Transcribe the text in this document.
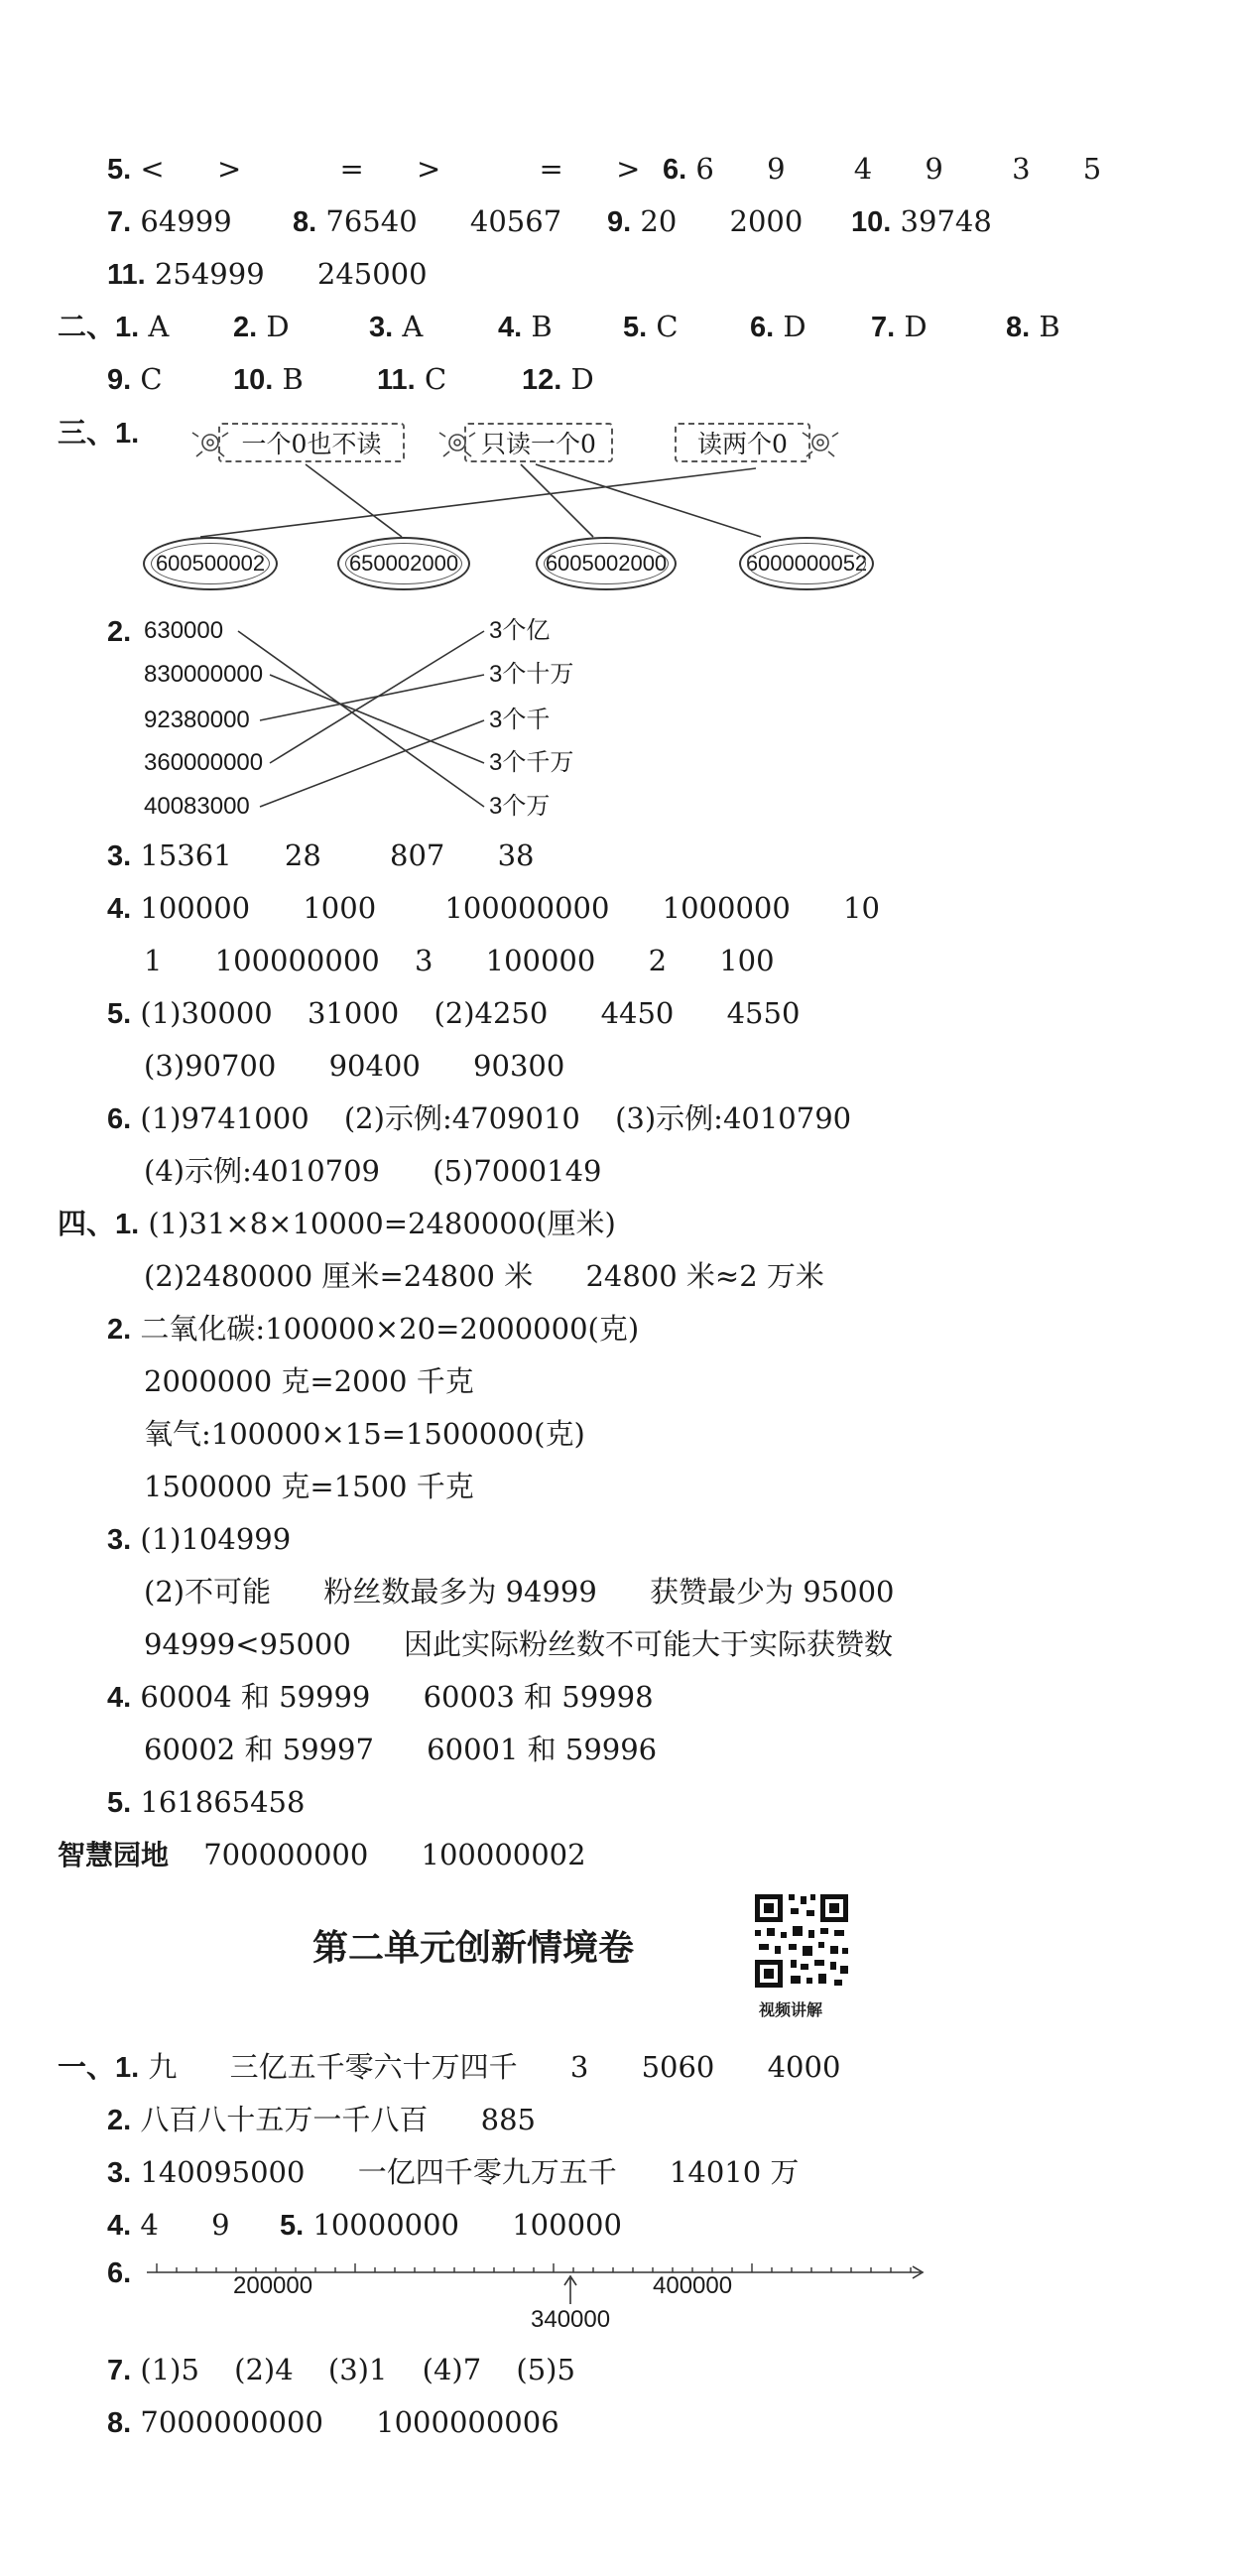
5. < >	= >	= > 6. 6 9 4 9 3 5
7. 64999 8. 76540 40567 9. 20 2000 10. 39748
11. 254999 245000
二、1. A 2. D	3. A	4. B 5. C 6. D 7. D	8. B
9. C 10. B	11. C	12. D
三、1.	一个0也不读	只读一个0	读两个0
600500002	650002000	6005002000	6000000052
2. 630000
830000000
92380000
360000000
40083000
3个亿
3个十万
3个千
3个千万
3个万
3. 15361 28 807 38
4. 100000 1000 100000000 1000000 10
1 100000000 3 100000 2 100
5. (1)30000 31000 (2)4250 4450 4550
(3)90700 90400 90300
6. (1)9741000 (2)示例:4709010 (3)示例:4010790
(4)示例:4010709 (5)7000149
四、1. (1)31×8×10000=2480000(厘米)
(2)2480000 厘米=24800 米 24800 米≈2 万米
2. 二氧化碳:100000×20=2000000(克)
2000000 克=2000 千克
氧气:100000×15=1500000(克)
1500000 克=1500 千克
3. (1)104999
(2)不可能 粉丝数最多为 94999 获赞最少为 95000
94999<95000 因此实际粉丝数不可能大于实际获赞数
4. 60004 和 59999 60003 和 59998
60002 和 59997 60001 和 59996
5. 161865458
智慧园地 700000000 100000002
第二单元创新情境卷
视频讲解
一、1. 九 三亿五千零六十万四千 3 5060 4000
2. 八百八十五万一千八百 885
3. 140095000 一亿四千零九万五千 14010 万
4. 4 9 5. 10000000 100000
6.	200000
340000
400000
7. (1)5 (2)4 (3)1 (4)7 (5)5
8. 7000000000 1000000006
